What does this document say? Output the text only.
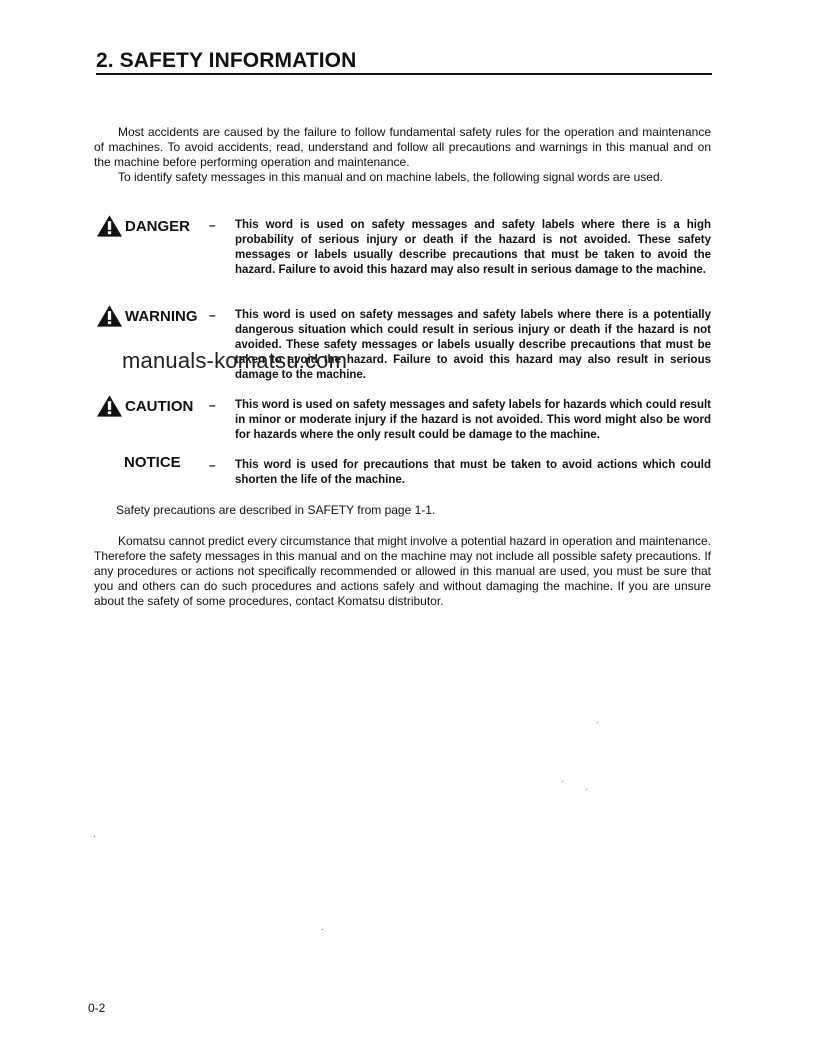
2. SAFETY INFORMATION

Most accidents are caused by the failure to follow fundamental safety rules for the operation and maintenance of machines. To avoid accidents, read, understand and follow all precautions and warnings in this manual and on the machine before performing operation and maintenance.

To identify safety messages in this manual and on machine labels, the following signal words are used.

DANGER – This word is used on safety messages and safety labels where there is a high probability of serious injury or death if the hazard is not avoided. These safety messages or labels usually describe precautions that must be taken to avoid the hazard. Failure to avoid this hazard may also result in serious damage to the machine.
WARNING – This word is used on safety messages and safety labels where there is a potentially dangerous situation which could result in serious injury or death if the hazard is not avoided. These safety messages or labels usually describe precautions that must be taken to avoid the hazard. Failure to avoid this hazard may also result in serious damage to the machine.
CAUTION – This word is used on safety messages and safety labels for hazards which could result in minor or moderate injury if the hazard is not avoided. This word might also be word for hazards where the only result could be damage to the machine.
NOTICE – This word is used for precautions that must be taken to avoid actions which could shorten the life of the machine.

Safety precautions are described in SAFETY from page 1-1.

Komatsu cannot predict every circumstance that might involve a potential hazard in operation and maintenance. Therefore the safety messages in this manual and on the machine may not include all possible safety precautions. If any procedures or actions not specifically recommended or allowed in this manual are used, you must be sure that you and others can do such procedures and actions safely and without damaging the machine. If you are unsure about the safety of some procedures, contact Komatsu distributor.

manuals-komatsu.com
0-2
